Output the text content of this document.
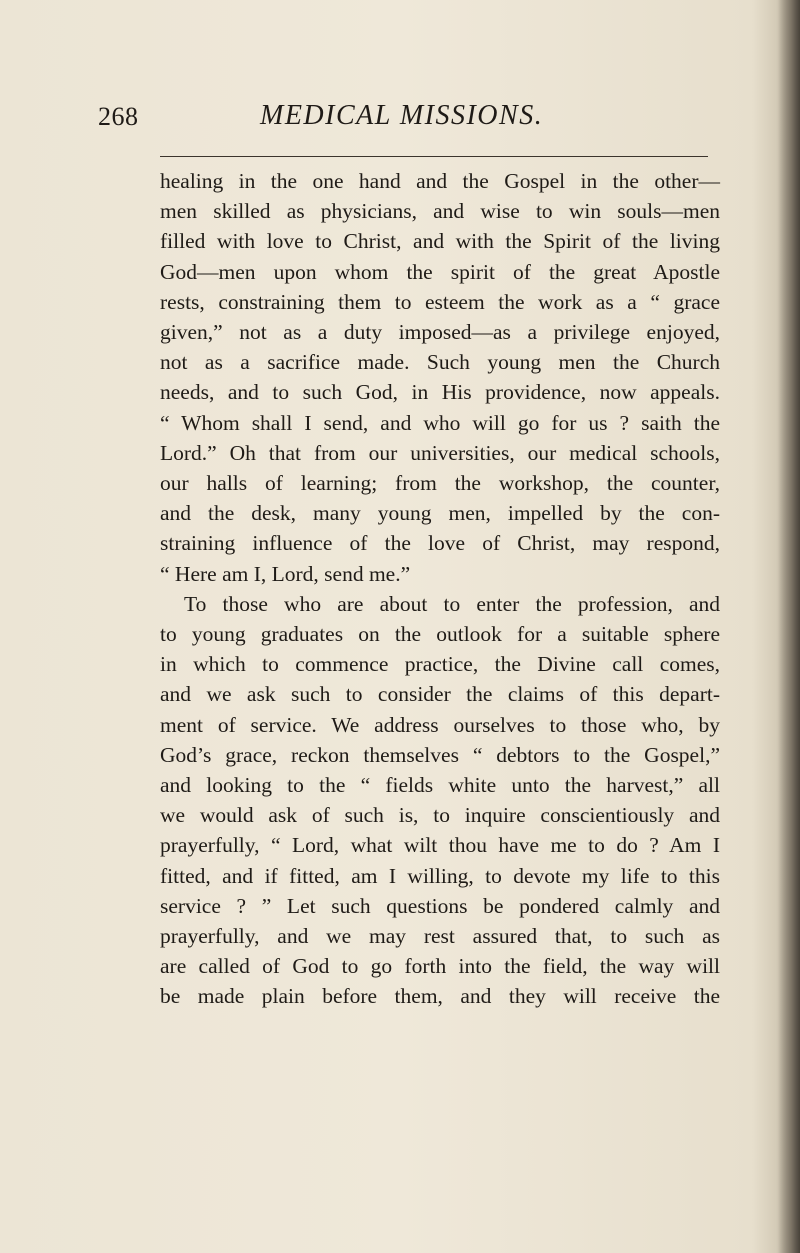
268	MEDICAL MISSIONS.
healing in the one hand and the Gospel in the other—
men skilled as physicians, and wise to win souls—men
filled with love to Christ, and with the Spirit of the living
God—men upon whom the spirit of the great Apostle
rests, constraining them to esteem the work as a “ grace
given,” not as a duty imposed—as a privilege enjoyed,
not as a sacrifice made. Such young men the Church
needs, and to such God, in His providence, now appeals.
“ Whom shall I send, and who will go for us ? saith the
Lord.” Oh that from our universities, our medical schools,
our halls of learning; from the workshop, the counter,
and the desk, many young men, impelled by the con-
straining influence of the love of Christ, may respond,
“ Here am I, Lord, send me.”
To those who are about to enter the profession, and
to young graduates on the outlook for a suitable sphere
in which to commence practice, the Divine call comes,
and we ask such to consider the claims of this depart-
ment of service. We address ourselves to those who, by
God’s grace, reckon themselves “ debtors to the Gospel,”
and looking to the “ fields white unto the harvest,” all
we would ask of such is, to inquire conscientiously and
prayerfully, “ Lord, what wilt thou have me to do ? Am I
fitted, and if fitted, am I willing, to devote my life to this
service ? ” Let such questions be pondered calmly and
prayerfully, and we may rest assured that, to such as
are called of God to go forth into the field, the way will
be made plain before them, and they will receive the
